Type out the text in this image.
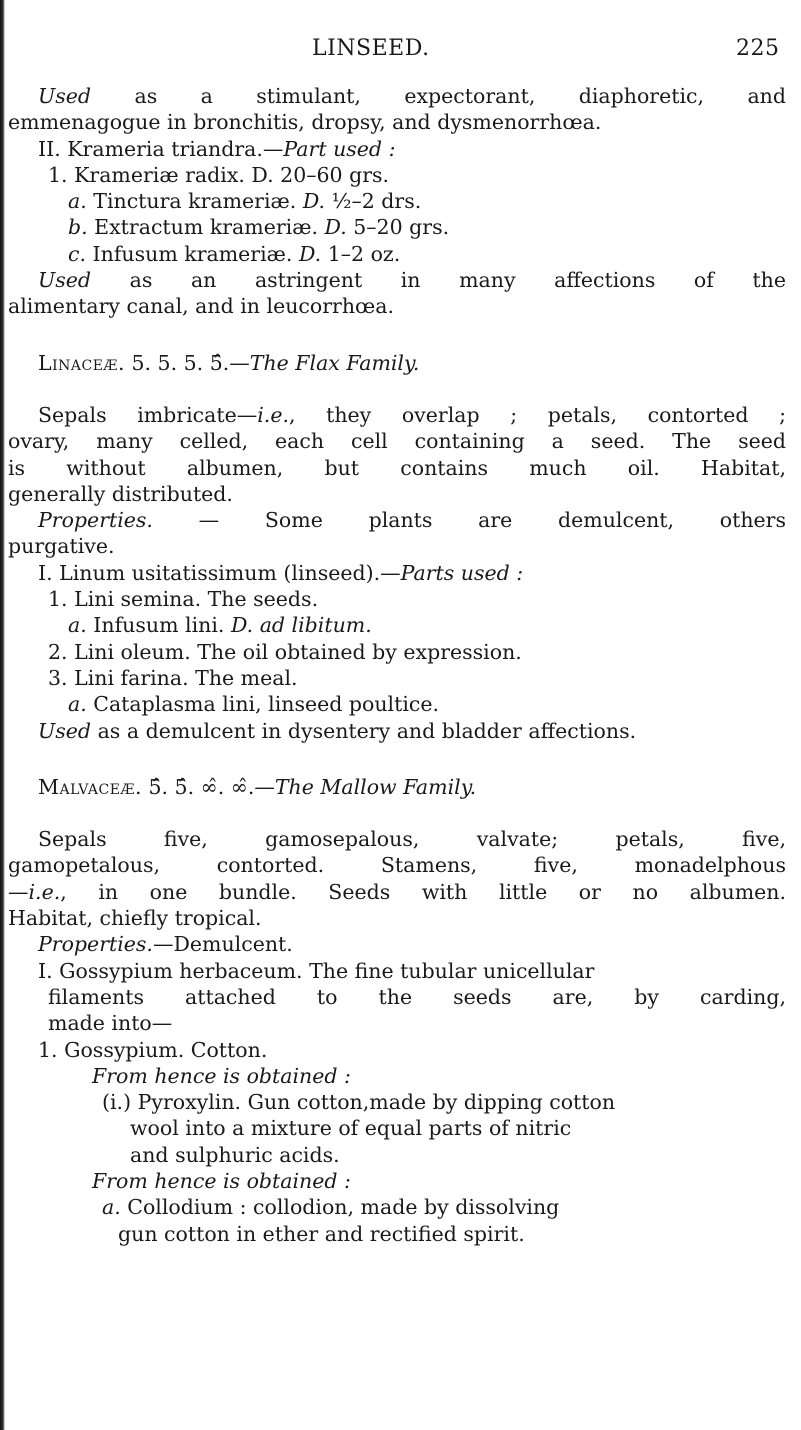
LINSEED.	225
Used as a stimulant, expectorant, diaphoretic, and
emmenagogue in bronchitis, dropsy, and dysmenorrhœa.
II. Krameria triandra.—Part used :
1. Krameriæ radix. D. 20–60 grs.
a. Tinctura krameriæ. D. ½–2 drs.
b. Extractum krameriæ. D. 5–20 grs.
c. Infusum krameriæ. D. 1–2 oz.
Used as an astringent in many affections of the
alimentary canal, and in leucorrhœa.
Linaceæ. 5. 5. 5. 5̂.—The Flax Family.
Sepals imbricate—i.e., they overlap ; petals, contorted ;
ovary, many celled, each cell containing a seed. The seed
is without albumen, but contains much oil. Habitat,
generally distributed.
Properties. — Some plants are demulcent, others
purgative.
I. Linum usitatissimum (linseed).—Parts used :
1. Lini semina. The seeds.
a. Infusum lini. D. ad libitum.
2. Lini oleum. The oil obtained by expression.
3. Lini farina. The meal.
a. Cataplasma lini, linseed poultice.
Used as a demulcent in dysentery and bladder affections.
Malvaceæ. 5̂. 5̂. ∞̂. ∞̂.—The Mallow Family.
Sepals five, gamosepalous, valvate; petals, five,
gamopetalous, contorted. Stamens, five, monadelphous
—i.e., in one bundle. Seeds with little or no albumen.
Habitat, chiefly tropical.
Properties.—Demulcent.
I. Gossypium herbaceum. The fine tubular unicellular
filaments attached to the seeds are, by carding,
made into—
1. Gossypium. Cotton.
From hence is obtained :
(i.) Pyroxylin. Gun cotton,made by dipping cotton
wool into a mixture of equal parts of nitric
and sulphuric acids.
From hence is obtained :
a. Collodium : collodion, made by dissolving
gun cotton in ether and rectified spirit.
